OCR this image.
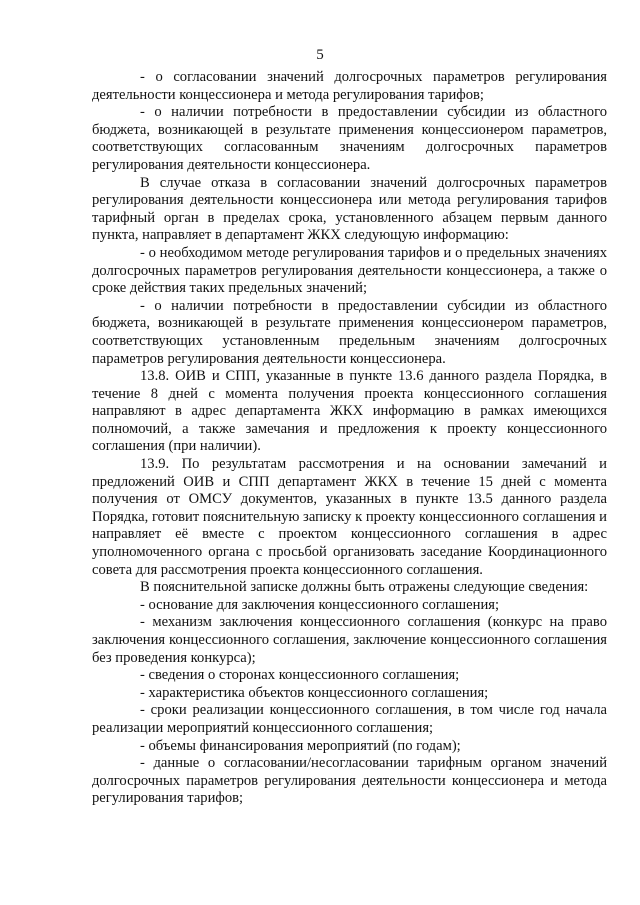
5

- о согласовании значений долгосрочных параметров регулирования деятельности концессионера и метода регулирования тарифов;

- о наличии потребности в предоставлении субсидии из областного бюджета, возникающей в результате применения концессионером параметров, соответствующих согласованным значениям долгосрочных параметров регулирования деятельности концессионера.

В случае отказа в согласовании значений долгосрочных параметров регулирования деятельности концессионера или метода регулирования тарифов тарифный орган в пределах срока, установленного абзацем первым данного пункта, направляет в департамент ЖКХ следующую информацию:

- о необходимом методе регулирования тарифов и о предельных значениях долгосрочных параметров регулирования деятельности концессионера, а также о сроке действия таких предельных значений;

- о наличии потребности в предоставлении субсидии из областного бюджета, возникающей в результате применения концессионером параметров, соответствующих установленным предельным значениям долгосрочных параметров регулирования деятельности концессионера.

13.8. ОИВ и СПП, указанные в пункте 13.6 данного раздела Порядка, в течение 8 дней с момента получения проекта концессионного соглашения направляют в адрес департамента ЖКХ информацию в рамках имеющихся полномочий, а также замечания и предложения к проекту концессионного соглашения (при наличии).

13.9. По результатам рассмотрения и на основании замечаний и предложений ОИВ и СПП департамент ЖКХ в течение 15 дней с момента получения от ОМСУ документов, указанных в пункте 13.5 данного раздела Порядка, готовит пояснительную записку к проекту концессионного соглашения и направляет её вместе с проектом концессионного соглашения в адрес уполномоченного органа с просьбой организовать заседание Координационного совета для рассмотрения проекта концессионного соглашения.

В пояснительной записке должны быть отражены следующие сведения:

- основание для заключения концессионного соглашения;

- механизм заключения концессионного соглашения (конкурс на право заключения концессионного соглашения, заключение концессионного соглашения без проведения конкурса);

- сведения о сторонах концессионного соглашения;

- характеристика объектов концессионного соглашения;

- сроки реализации концессионного соглашения, в том числе год начала реализации мероприятий концессионного соглашения;

- объемы финансирования мероприятий (по годам);

- данные о согласовании/несогласовании тарифным органом значений долгосрочных параметров регулирования деятельности концессионера и метода регулирования тарифов;
